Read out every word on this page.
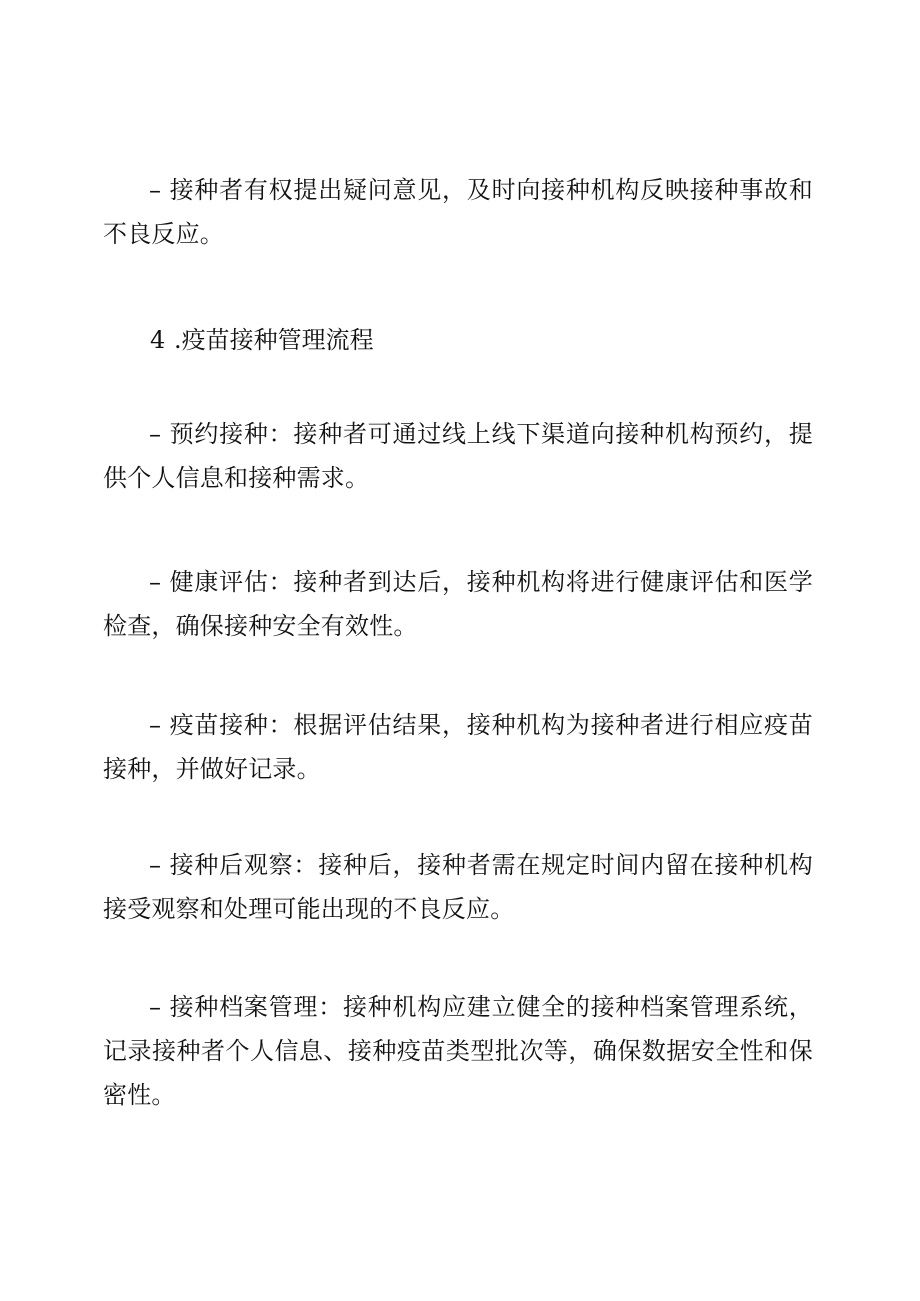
– 接种者有权提出疑问意见，及时向接种机构反映接种事故和不良反应。

4 .疫苗接种管理流程

– 预约接种：接种者可通过线上线下渠道向接种机构预约，提供个人信息和接种需求。

– 健康评估：接种者到达后，接种机构将进行健康评估和医学检查，确保接种安全有效性。

– 疫苗接种：根据评估结果，接种机构为接种者进行相应疫苗接种，并做好记录。

– 接种后观察：接种后，接种者需在规定时间内留在接种机构接受观察和处理可能出现的不良反应。

– 接种档案管理：接种机构应建立健全的接种档案管理系统，记录接种者个人信息、接种疫苗类型批次等，确保数据安全性和保密性。
